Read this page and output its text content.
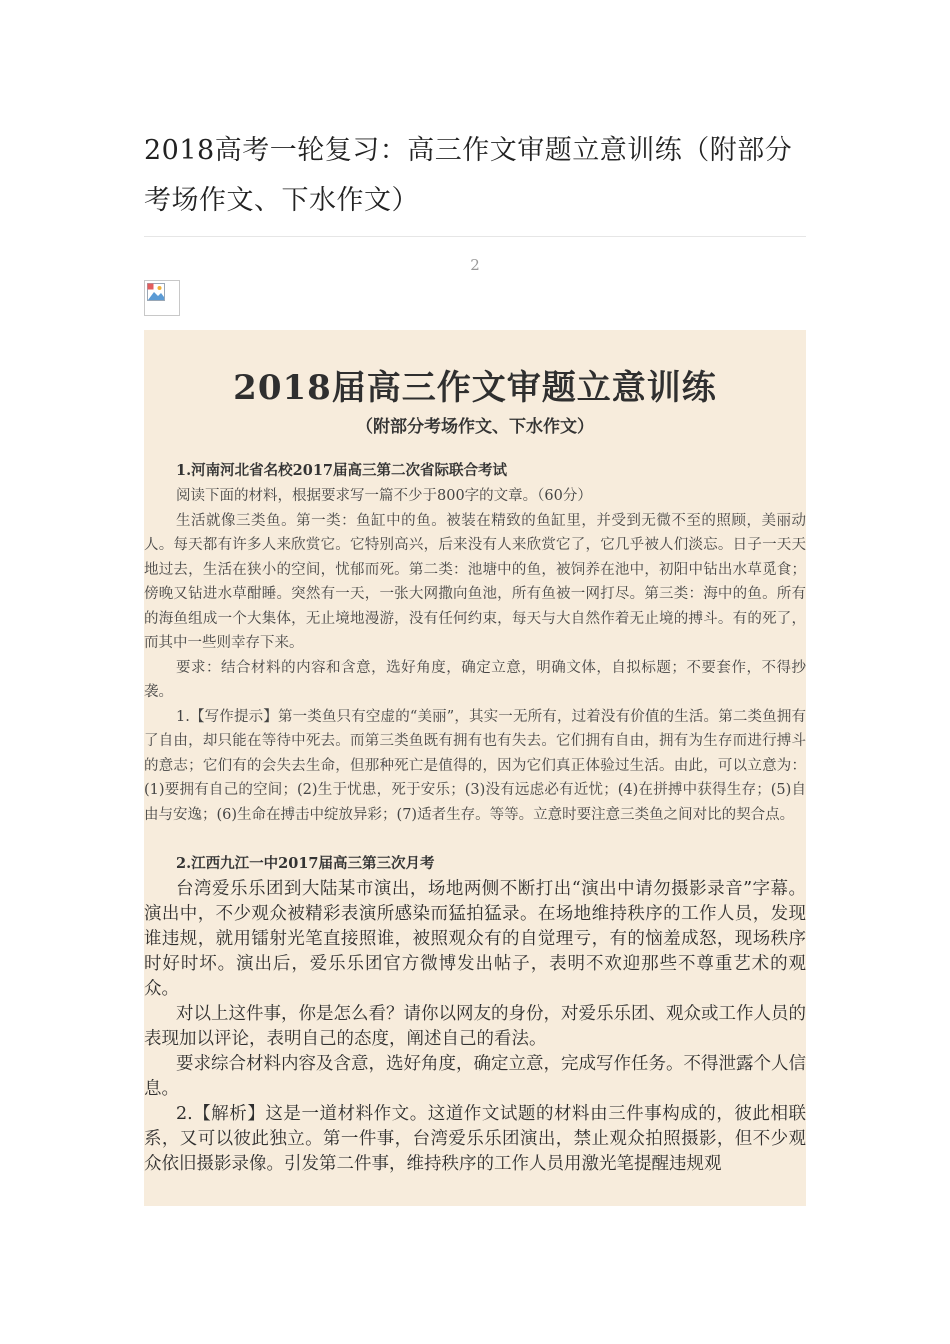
2018高考一轮复习：高三作文审题立意训练（附部分考场作文、下水作文）
2
2018届高三作文审题立意训练
（附部分考场作文、下水作文）

1.河南河北省名校2017届高三第二次省际联合考试

阅读下面的材料，根据要求写一篇不少于800字的文章。（60分）

生活就像三类鱼。第一类：鱼缸中的鱼。被装在精致的鱼缸里，并受到无微不至的照顾，美丽动人。每天都有许多人来欣赏它。它特别高兴，后来没有人来欣赏它了，它几乎被人们淡忘。日子一天天地过去，生活在狭小的空间，忧郁而死。第二类：池塘中的鱼，被饲养在池中，初阳中钻出水草觅食；傍晚又钻进水草酣睡。突然有一天，一张大网撒向鱼池，所有鱼被一网打尽。第三类：海中的鱼。所有的海鱼组成一个大集体，无止境地漫游，没有任何约束，每天与大自然作着无止境的搏斗。有的死了，而其中一些则幸存下来。

要求：结合材料的内容和含意，选好角度，确定立意，明确文体，自拟标题；不要套作，不得抄袭。

1.【写作提示】第一类鱼只有空虚的“美丽”，其实一无所有，过着没有价值的生活。第二类鱼拥有了自由，却只能在等待中死去。而第三类鱼既有拥有也有失去。它们拥有自由，拥有为生存而进行搏斗的意志；它们有的会失去生命，但那种死亡是值得的，因为它们真正体验过生活。由此，可以立意为：(1)要拥有自己的空间；(2)生于忧患，死于安乐；(3)没有远虑必有近忧；(4)在拼搏中获得生存；(5)自由与安逸；(6)生命在搏击中绽放异彩；(7)适者生存。等等。立意时要注意三类鱼之间对比的契合点。

2.江西九江一中2017届高三第三次月考

台湾爱乐乐团到大陆某市演出，场地两侧不断打出“演出中请勿摄影录音”字幕。演出中，不少观众被精彩表演所感染而猛拍猛录。在场地维持秩序的工作人员，发现谁违规，就用镭射光笔直接照谁，被照观众有的自觉理亏，有的恼羞成怒，现场秩序时好时坏。演出后，爱乐乐团官方微博发出帖子，表明不欢迎那些不尊重艺术的观众。

对以上这件事，你是怎么看？请你以网友的身份，对爱乐乐团、观众或工作人员的表现加以评论，表明自己的态度，阐述自己的看法。

要求综合材料内容及含意，选好角度，确定立意，完成写作任务。不得泄露个人信息。

2.【解析】这是一道材料作文。这道作文试题的材料由三件事构成的，彼此相联系，又可以彼此独立。第一件事，台湾爱乐乐团演出，禁止观众拍照摄影，但不少观众依旧摄影录像。引发第二件事，维持秩序的工作人员用激光笔提醒违规观
